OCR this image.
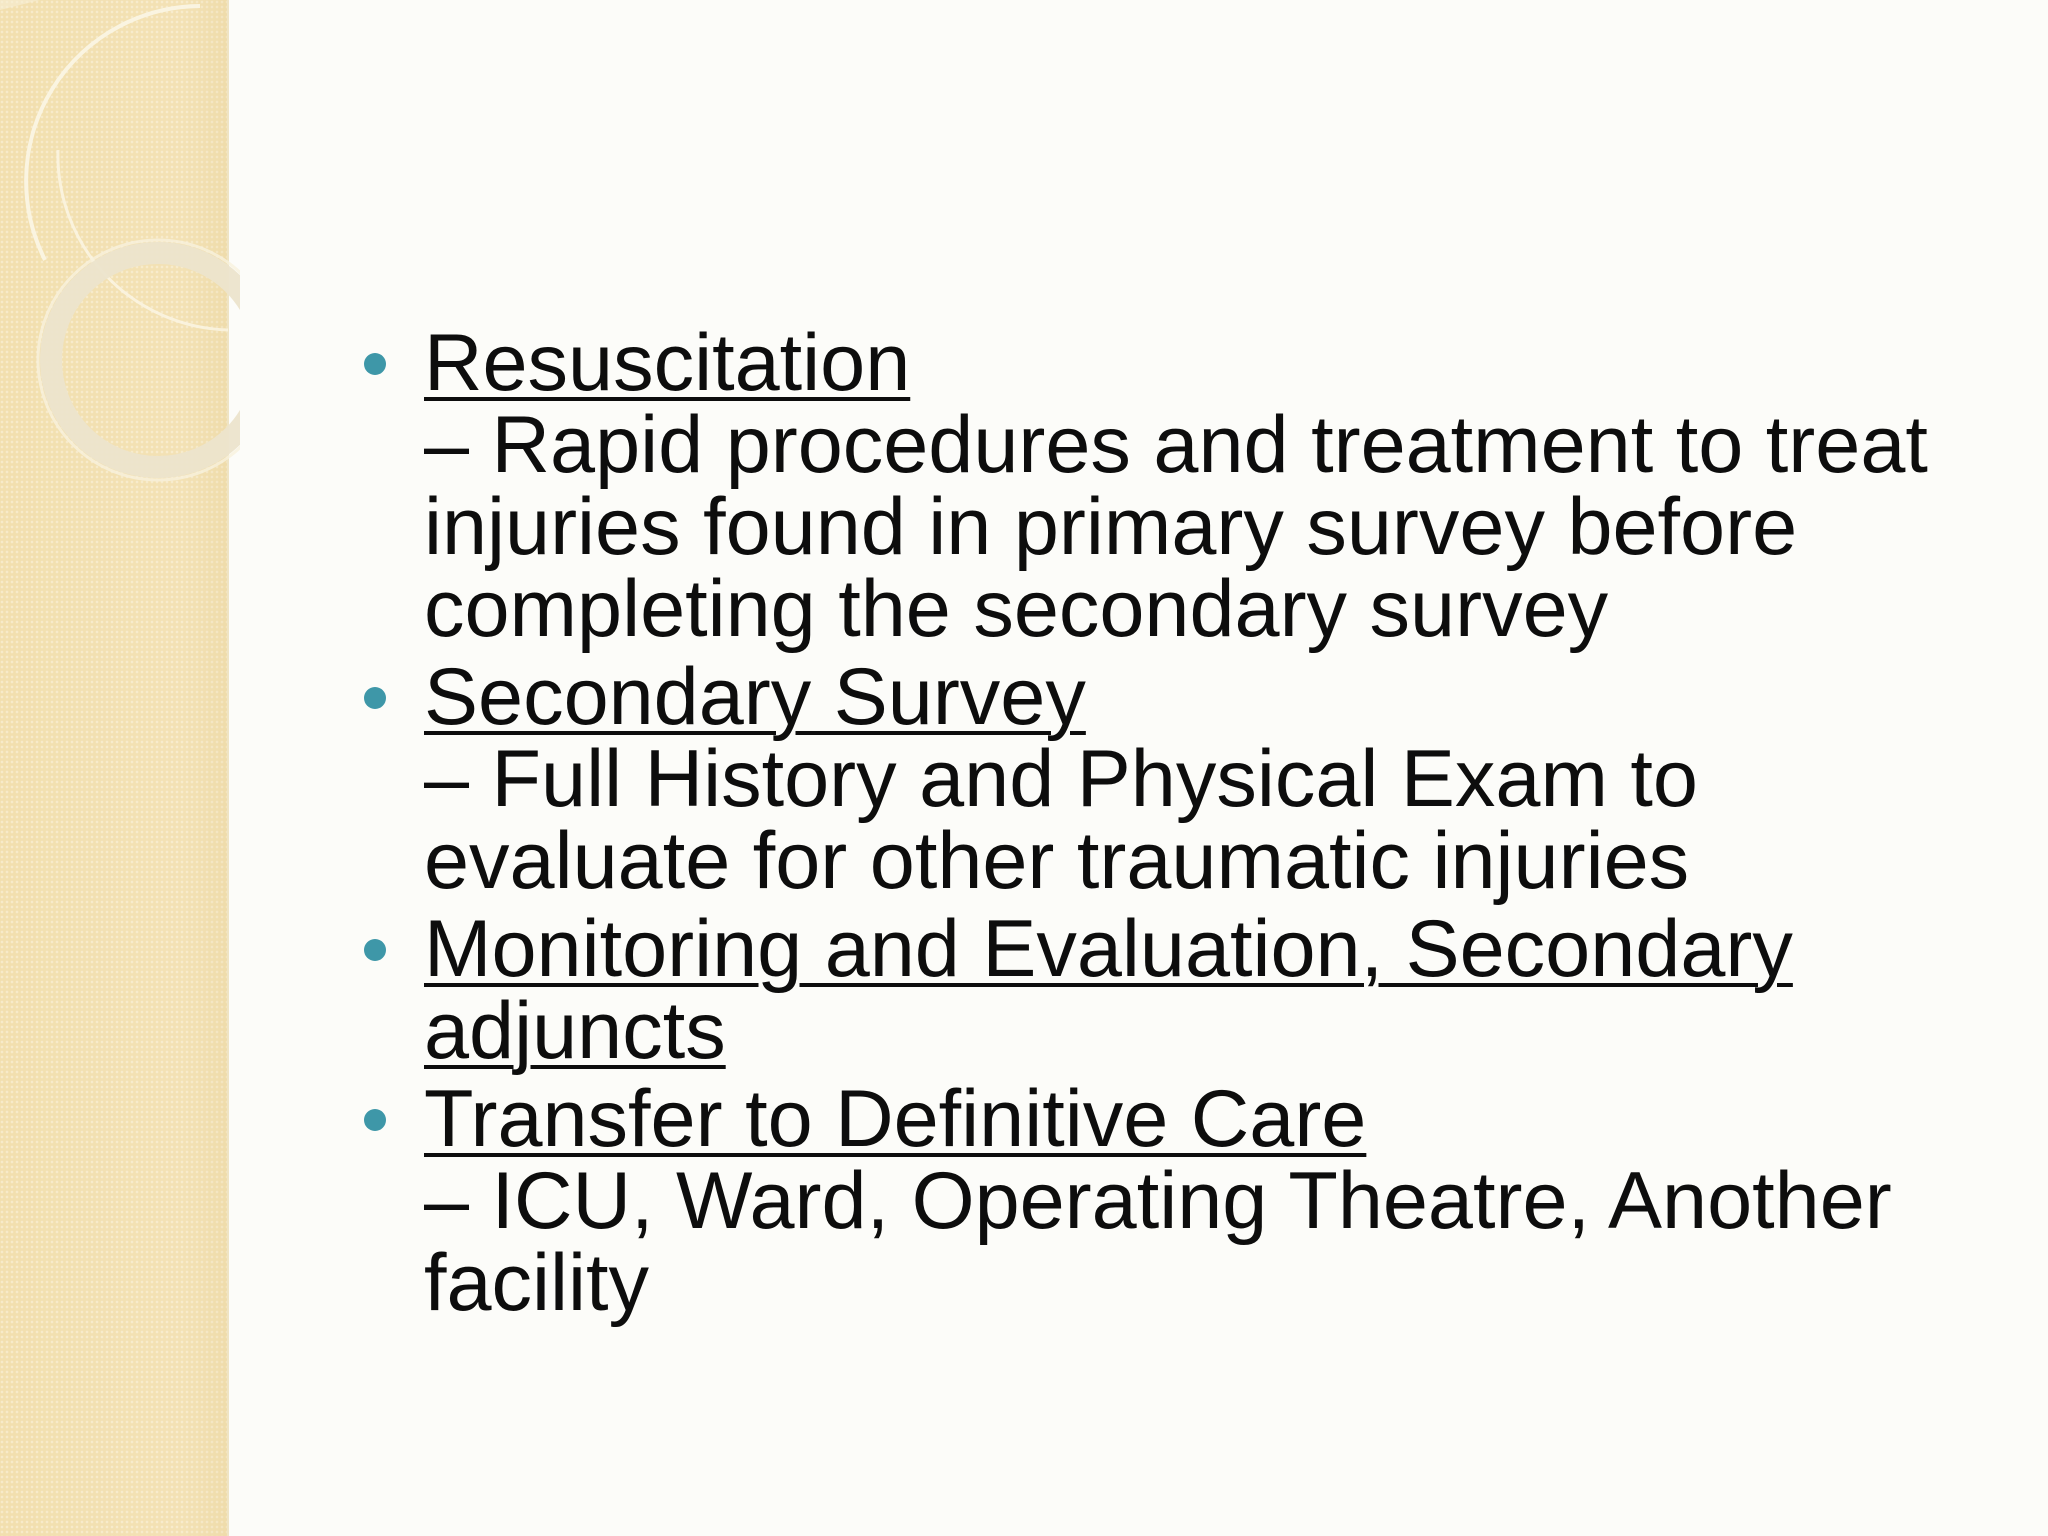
Resuscitation
– Rapid procedures and treatment to treat injuries found in primary survey before completing the secondary survey
Secondary Survey
– Full History and Physical Exam to evaluate for other traumatic injuries
Monitoring and Evaluation, Secondary adjuncts
Transfer to Definitive Care
– ICU, Ward, Operating Theatre, Another facility
